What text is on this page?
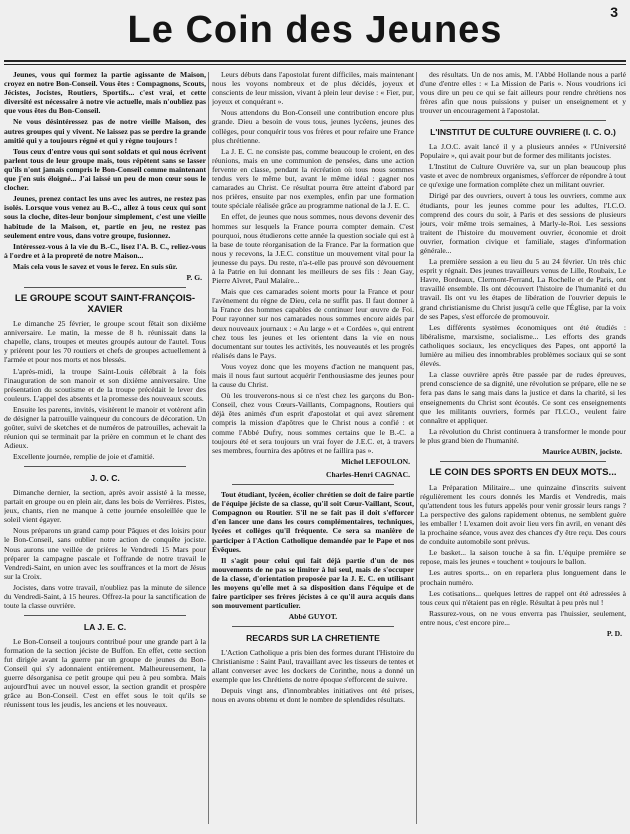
3
Le Coin des Jeunes

Jeunes, vous qui formez la partie agissante de Maison, croyez en notre Bon-Conseil. Vous êtes : Compagnons, Scouts, Jécistes, Jocistes, Routiers, Sportifs... c'est vrai, et cette diversité est nécessaire à notre vie actuelle, mais n'oubliez pas que vous êtes du Bon-Conseil.

Ne vous désintéressez pas de notre vieille Maison, des autres groupes qui y vivent. Ne laissez pas se perdre la grande amitié qui y a toujours régné et qui y règne toujours !

Tous ceux d'entre vous qui sont soldats et qui nous écrivent parlent tous de leur groupe mais, tous répètent sans se lasser qu'ils n'ont jamais compris le Bon-Conseil comme maintenant que j'en suis éloigné... J'ai laissé un peu de mon cœur sous le clocher.

Jeunes, prenez contact les uns avec les autres, ne restez pas isolés. Lorsque vous venez au B.-C., allez à tous ceux qui sont sous la cloche, dites-leur bonjour simplement, c'est une vieille habitude de la Maison, et, partie en jeu, ne restez pas seulement entre vous, dans votre groupe, fusionnez.

Intéressez-vous à la vie du B.-C., lisez l'A. B. C., reliez-vous à l'ordre et à la propreté de notre Maison...

Mais cela vous le savez et vous le ferez. En suis sûr.

P. G.

LE GROUPE SCOUT SAINT-FRANÇOIS-XAVIER

Le dimanche 25 février, le groupe scout fêtait son dixième anniversaire. Le matin, la messe de 8 h. réunissait dans la chapelle, clans, troupes et meutes groupés autour de l'autel. Tous y prièrent pour les 70 routiers et chefs de groupes actuellement à l'armée et pour nos morts et nos blessés.

L'après-midi, la troupe Saint-Louis célébrait à la fois l'inauguration de son manoir et son dixième anniversaire. Une présentation du scoutisme et de la troupe précédait le lever des couleurs. L'appel des absents et la promesse des nouveaux scouts.

Ensuite les parents, invités, visitèrent le manoir et votèrent afin de désigner la patrouille vainqueur du concours de décoration. Un goûter, suivi de sketches et de numéros de patrouilles, achevait la réunion qui se terminait par la prière en commun et le chant des Adieux.

Excellente journée, remplie de joie et d'amitié.

J. O. C.

Dimanche dernier, la section, après avoir assisté à la messe, partait en groupe ou en plein air, dans les bois de Verrières. Pistes, jeux, chants, rien ne manque à cette journée ensoleillée que le soleil vient égayer.

Nous préparons un grand camp pour Pâques et des loisirs pour le Bon-Conseil, sans oublier notre action de conquête jociste. Nous aurons une veillée de prières le Vendredi 15 Mars pour préparer la campagne pascale et l'offrande de notre travail le Vendredi-Saint, en union avec les souffrances et la mort de Jésus sur la Croix.

Jocistes, dans votre travail, n'oubliez pas la minute de silence du Vendredi-Saint, à 15 heures. Offrez-la pour la sanctification de toute la classe ouvrière.

LA J. E. C.

Le Bon-Conseil a toujours contribué pour une grande part à la formation de la section jéciste de Buffon. En effet, cette section fut dirigée avant la guerre par un groupe de jeunes du Bon-Conseil qui s'y adonnaient entièrement. Malheureusement, la guerre désorganisa ce petit groupe qui peu à peu sombra. Mais aujourd'hui avec un nouvel essor, la section grandit et prospère grâce au Bon-Conseil. C'est en effet sous le toit qu'ils se réunissent tous les jeudis, les anciens et les nouveaux.

Leurs débuts dans l'apostolat furent difficiles, mais maintenant nous les voyons nombreux et de plus décidés, joyeux et conscients de leur mission, vivant à plein leur devise : « Fier, pur, joyeux et conquérant ».

Nous attendons du Bon-Conseil une contribution encore plus grande. Dieu a besoin de vous tous, jeunes lycéens, jeunes des collèges, pour conquérir tous vos frères et pour refaire une France plus chrétienne.

La J. E. C. ne consiste pas, comme beaucoup le croient, en des réunions, mais en une communion de pensées, dans une action fervente en classe, pendant la récréation où tous nous sommes tendus vers le même but, avant le même idéal : gagner nos camarades au Christ. Ce résultat pourra être atteint d'abord par nos prières, ensuite par nos exemples, enfin par une formation toute spéciale réalisée grâce au programme national de la J. E. C.

En effet, de jeunes que nous sommes, nous devons devenir des hommes sur lesquels la France pourra compter demain. C'est pourquoi, nous étudierons cette année la question sociale qui est à la base de toute réorganisation de la France. Par la formation que nous y recevons, la J.E.C. constitue un mouvement vital pour la jeunesse du pays. Du reste, n'a-t-elle pas prouvé son dévouement à la Patrie en lui donnant les meilleurs de ses fils : Jean Gay, Pierre Aïvret, Paul Malaïre...

Mais que ces camarades soient morts pour la France et pour l'avènement du règne de Dieu, cela ne suffit pas. Il faut donner à la France des hommes capables de continuer leur œuvre de Foi. Pour rayonner sur nos camarades nous sommes encore aidés par deux nouveaux journaux : « Au large » et « Cordées », qui entrent chez tous les jeunes et les orientent dans la vie en nous documentant sur toutes les activités, les nouveautés et les progrès réalisés dans le Pays.

Vous voyez donc que les moyens d'action ne manquent pas, mais il nous faut surtout acquérir l'enthousiasme des jeunes pour la cause du Christ.

Où les trouverons-nous si ce n'est chez les garçons du Bon-Conseil, chez vous Cœurs-Vaillants, Compagnons, Routiers qui déjà êtes animés d'un esprit d'apostolat et qui avez sûrement compris la mission d'apôtres que le Christ nous a confié : et comme l'Abbé Dufry, nous sommes certains que le B.-C. a toujours été et sera toujours un vrai foyer de J.E.C. et, à travers ses membres, fournira des apôtres et ne faillira pas ».

Michel LEFOULON.

Charles-Henri CAGNAC.

Tout étudiant, lycéen, écolier chrétien se doit de faire partie de l'équipe jéciste de sa classe, qu'il soit Cœur-Vaillant, Scout, Compagnon ou Routier. S'il ne se fait pas il doit s'efforcer d'en lancer une dans les cours complémentaires, techniques, lycées et collèges qu'il fréquente. Ce sera sa manière de participer à l'Action Catholique demandée par le Pape et nos Évêques.

Il s'agit pour celui qui fait déjà partie d'un de nos mouvements de ne pas se limiter à lui seul, mais de s'occuper de la classe, d'orientation proposée par la J. E. C. en utilisant les moyens qu'elle met à sa disposition dans l'équipe et de faire participer ses frères jécistes à ce qu'il aura acquis dans son mouvement particulier.

Abbé GUYOT.

RECARDS SUR LA CHRETIENTE

L'Action Catholique a pris bien des formes durant l'Histoire du Christianisme : Saint Paul, travaillant avec les tisseurs de tentes et allant converser avec les dockers de Corinthe, nous a donné un exemple que les Chrétiens de notre époque s'efforcent de suivre.

Depuis vingt ans, d'innombrables initiatives ont été prises, nous en avons obtenu et dont le nombre de splendides résultats.

des résultats. Un de nos amis, M. l'Abbé Hollande nous a parlé d'une d'entre elles : « La Mission de Paris ». Nous voudrions ici vous dire un peu ce qui se fait ailleurs pour rendre chrétiens nos frères afin que nous puissions y puiser un enseignement et y trouver un encouragement à l'apostolat.

L'INSTITUT DE CULTURE OUVRIERE (I. C. O.)

La J.O.C. avait lancé il y a plusieurs années « l'Université Populaire », qui avait pour but de former des militants jocistes.

L'Institut de Culture Ouvrière va, sur un plan beaucoup plus vaste et avec de nombreux organismes, s'efforcer de répondre à tout ce qu'exige une formation complète chez un militant ouvrier.

Dirigé par des ouvriers, ouvert à tous les ouvriers, comme aux étudiants, pour les jeunes comme pour les adultes, l'I.C.O. comprend des cours du soir, à Paris et des sessions de plusieurs jours, voir même trois semaines, à Marly-le-Roi. Les sessions traitent de l'histoire du mouvement ouvrier, économie et droit ouvrier, formation civique et familiale, stages d'information générale...

La première session a eu lieu du 5 au 24 février. Un très chic esprit y régnait. Des jeunes travailleurs venus de Lille, Roubaix, Le Havre, Bordeaux, Clermont-Ferrand, La Rochelle et de Paris, ont travaillé ensemble. Ils ont découvert l'histoire de l'humanité et du travail. Ils ont vu les étapes de libération de l'ouvrier depuis le grand christianisme du Christ jusqu'à celle que l'Église, par la voix de ses Papes, s'est efforcée de promouvoir.

Les différents systèmes économiques ont été étudiés : libéralisme, marxisme, socialisme... Les efforts des grands catholiques sociaux, les encycliques des Papes, ont apporté la lumière au milieu des innombrables problèmes sociaux qui se sont élevés.

La classe ouvrière après être passée par de rudes épreuves, prend conscience de sa dignité, une révolution se prépare, elle ne se fera pas dans le sang mais dans la justice et dans la charité, si les enseignements du Christ sont écoutés. Ce sont ces enseignements que les militants ouvriers, formés par l'I.C.O., veulent faire connaître et appliquer.

La révolution du Christ continuera à transformer le monde pour le plus grand bien de l'humanité.

Maurice AUBIN, jociste.

LE COIN DES SPORTS EN DEUX MOTS...

La Préparation Militaire... une quinzaine d'inscrits suivent régulièrement les cours donnés les Mardis et Vendredis, mais qu'attendent tous les futurs appelés pour venir grossir leurs rangs ? La perspective des galons rapidement obtenus, ne semblent guère les emballer ! L'examen doit avoir lieu vers fin avril, en venant dès la prochaine séance, vous avez des chances d'y être reçu. Des cours de conduite automobile sont prévus.

Le basket... la saison touche à sa fin. L'équipe première se repose, mais les jeunes « touchent » toujours le ballon.

Les autres sports... on en reparlera plus longuement dans le prochain numéro.

Les cotisations... quelques lettres de rappel ont été adressées à tous ceux qui n'étaient pas en règle. Résultat à peu près nul !

Rassurez-vous, on ne vous enverra pas l'huissier, seulement, entre nous, c'est encore pire...

P. D.
